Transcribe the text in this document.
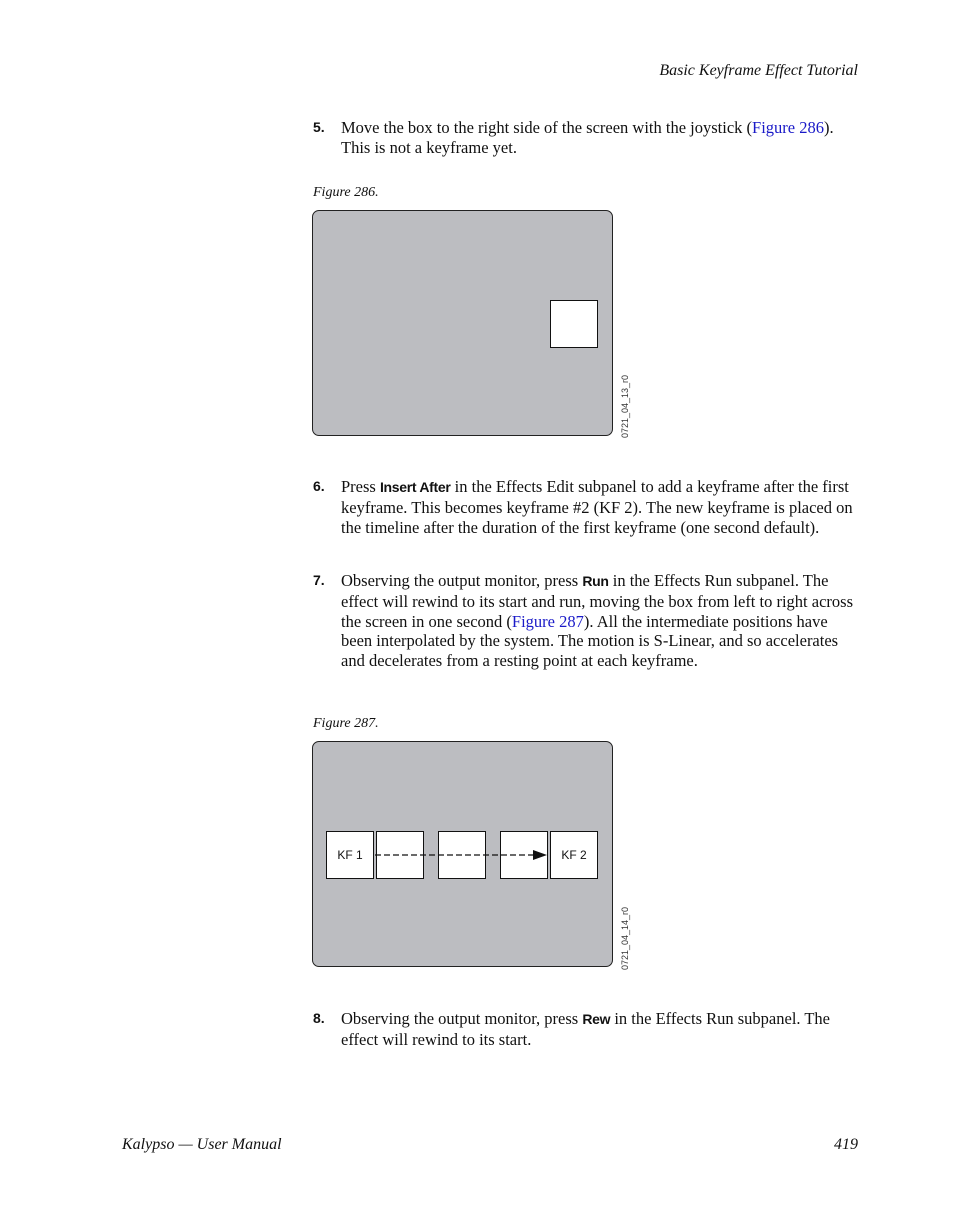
Basic Keyframe Effect Tutorial
5. Move the box to the right side of the screen with the joystick (Figure 286). This is not a keyframe yet.
Figure 286.
0721_04_13_r0
6. Press Insert After in the Effects Edit subpanel to add a keyframe after the first keyframe. This becomes keyframe #2 (KF 2). The new keyframe is placed on the timeline after the duration of the first keyframe (one second default).
7. Observing the output monitor, press Run in the Effects Run subpanel. The effect will rewind to its start and run, moving the box from left to right across the screen in one second (Figure 287). All the intermediate positions have been interpolated by the system. The motion is S-Linear, and so accelerates and decelerates from a resting point at each keyframe.
Figure 287.
KF 1	KF 2
0721_04_14_r0
8. Observing the output monitor, press Rew in the Effects Run subpanel. The effect will rewind to its start.
Kalypso — User Manual	419
